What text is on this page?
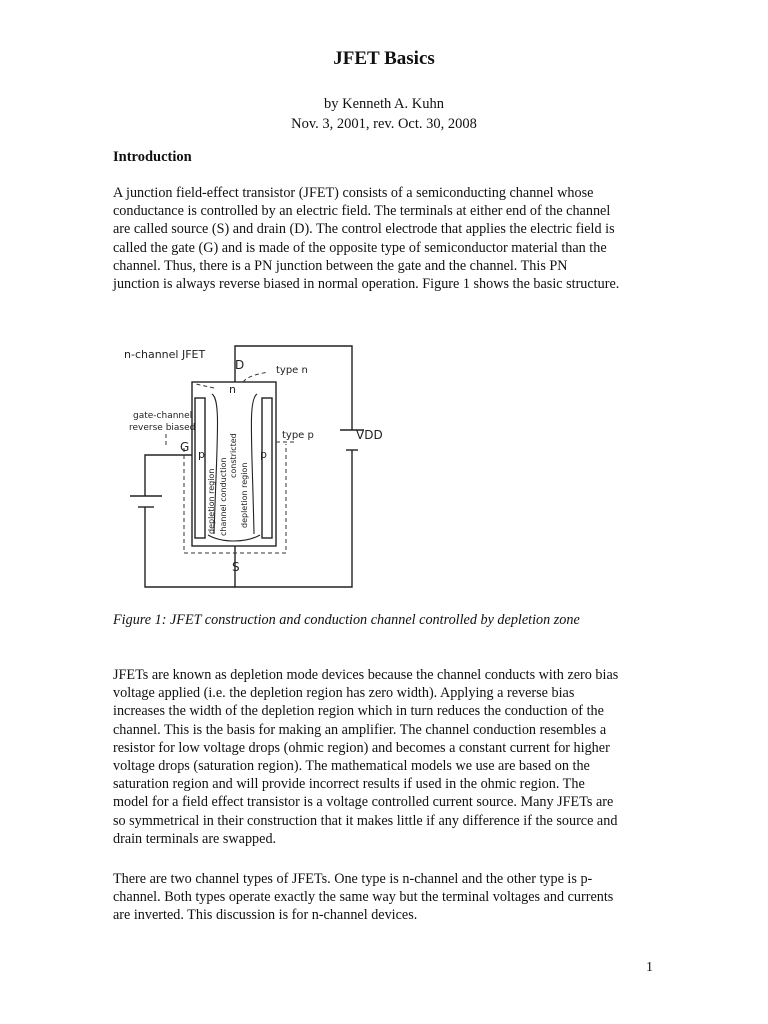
JFET Basics
by Kenneth A. Kuhn
Nov. 3, 2001, rev. Oct. 30, 2008
Introduction
A junction field-effect transistor (JFET) consists of a semiconducting channel whose
conductance is controlled by an electric field. The terminals at either end of the channel
are called source (S) and drain (D). The control electrode that applies the electric field is
called the gate (G) and is made of the opposite type of semiconductor material than the
channel. Thus, there is a PN junction between the gate and the channel. This PN
junction is always reverse biased in normal operation. Figure 1 shows the basic structure.
n-channel JFET
D	type n
n
gate-channel
reverse biased
G
p	p
type p	VDD
S
depletion region channel conduction
constricted
depletion region
Figure 1: JFET construction and conduction channel controlled by depletion zone
JFETs are known as depletion mode devices because the channel conducts with zero bias
voltage applied (i.e. the depletion region has zero width). Applying a reverse bias
increases the width of the depletion region which in turn reduces the conduction of the
channel. This is the basis for making an amplifier. The channel conduction resembles a
resistor for low voltage drops (ohmic region) and becomes a constant current for higher
voltage drops (saturation region). The mathematical models we use are based on the
saturation region and will provide incorrect results if used in the ohmic region. The
model for a field effect transistor is a voltage controlled current source. Many JFETs are
so symmetrical in their construction that it makes little if any difference if the source and
drain terminals are swapped.
There are two channel types of JFETs. One type is n-channel and the other type is p-
channel. Both types operate exactly the same way but the terminal voltages and currents
are inverted. This discussion is for n-channel devices.
1
